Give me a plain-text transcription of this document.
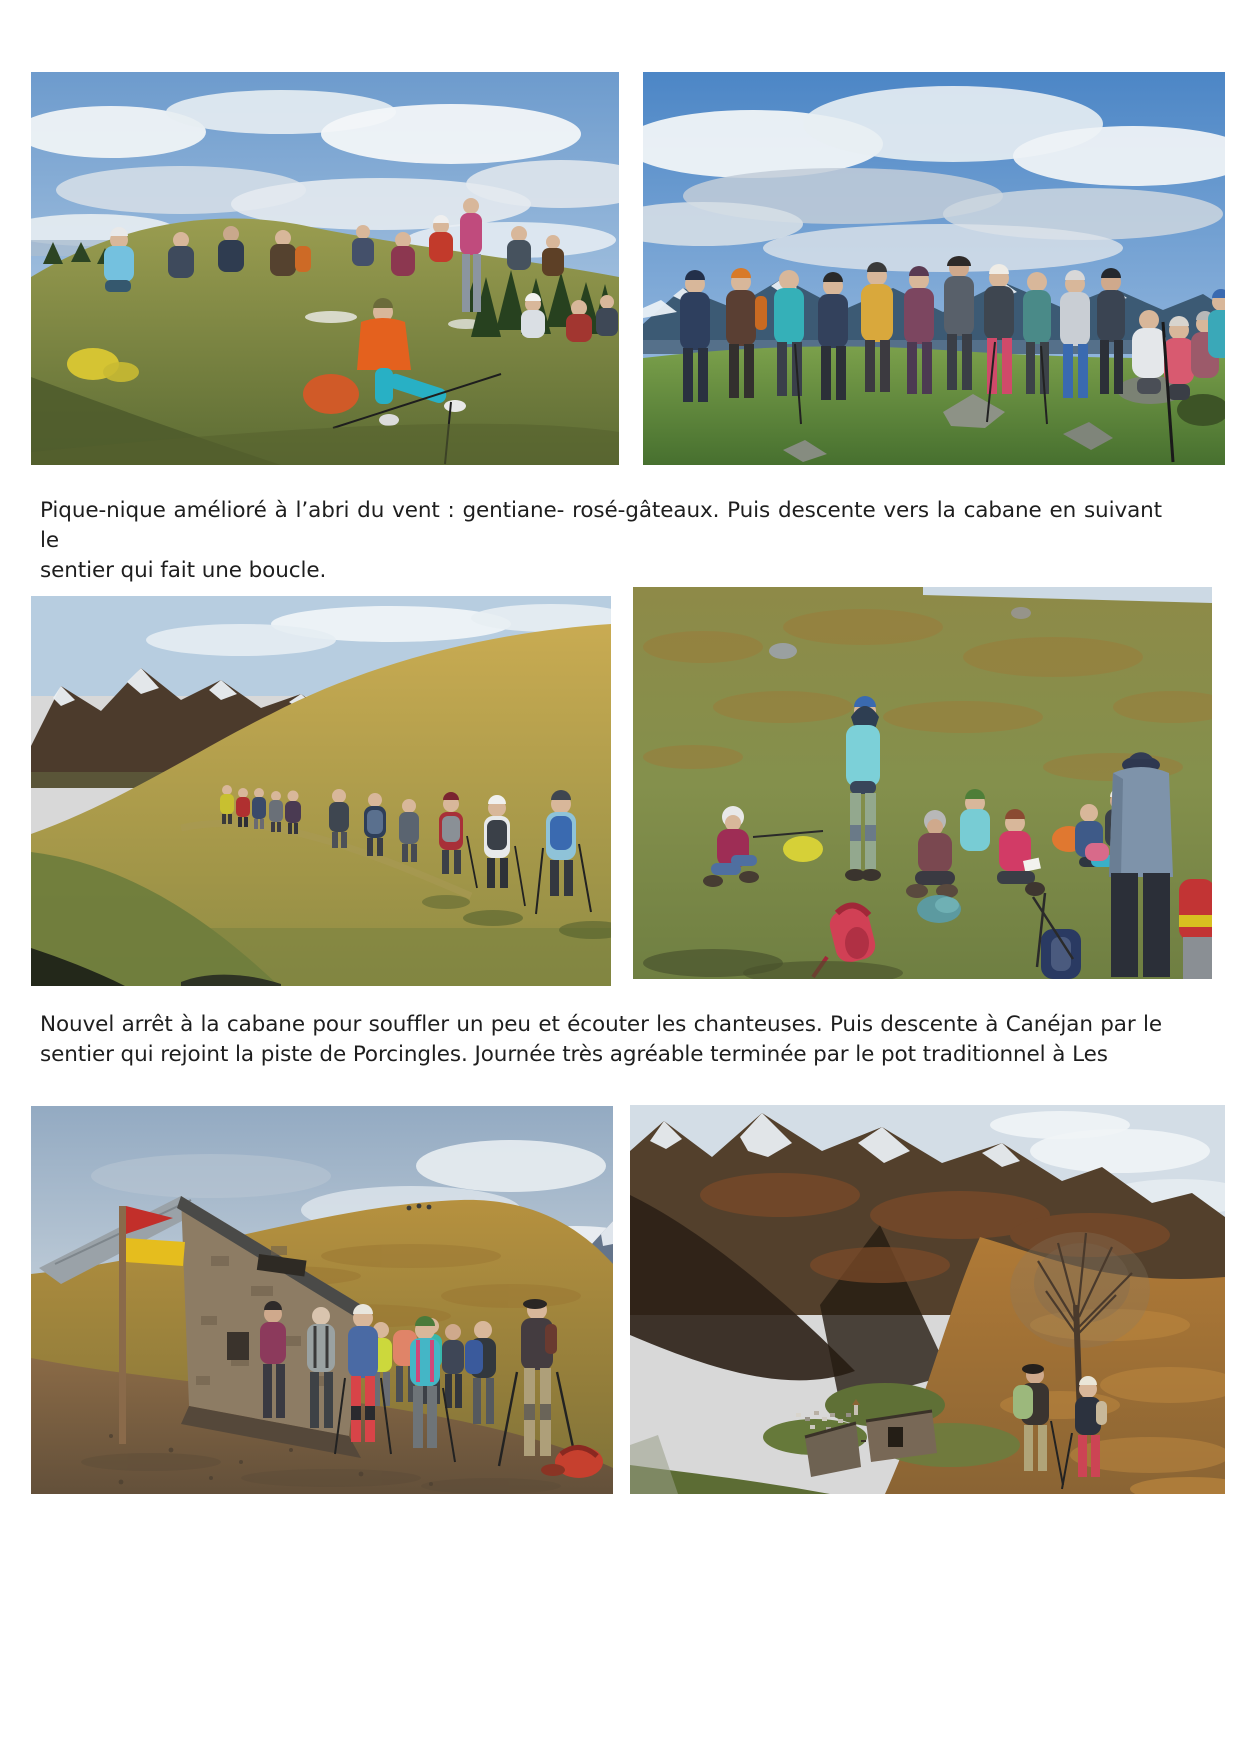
Pique-nique amélioré à l’abri du vent : gentiane- rosé-gâteaux. Puis descente vers la cabane en suivant le
sentier qui fait une boucle.

Nouvel arrêt à la cabane pour souffler un peu et écouter les chanteuses. Puis descente à Canéjan par le
sentier qui rejoint la piste de Porcingles. Journée très agréable terminée par le pot traditionnel à Les
